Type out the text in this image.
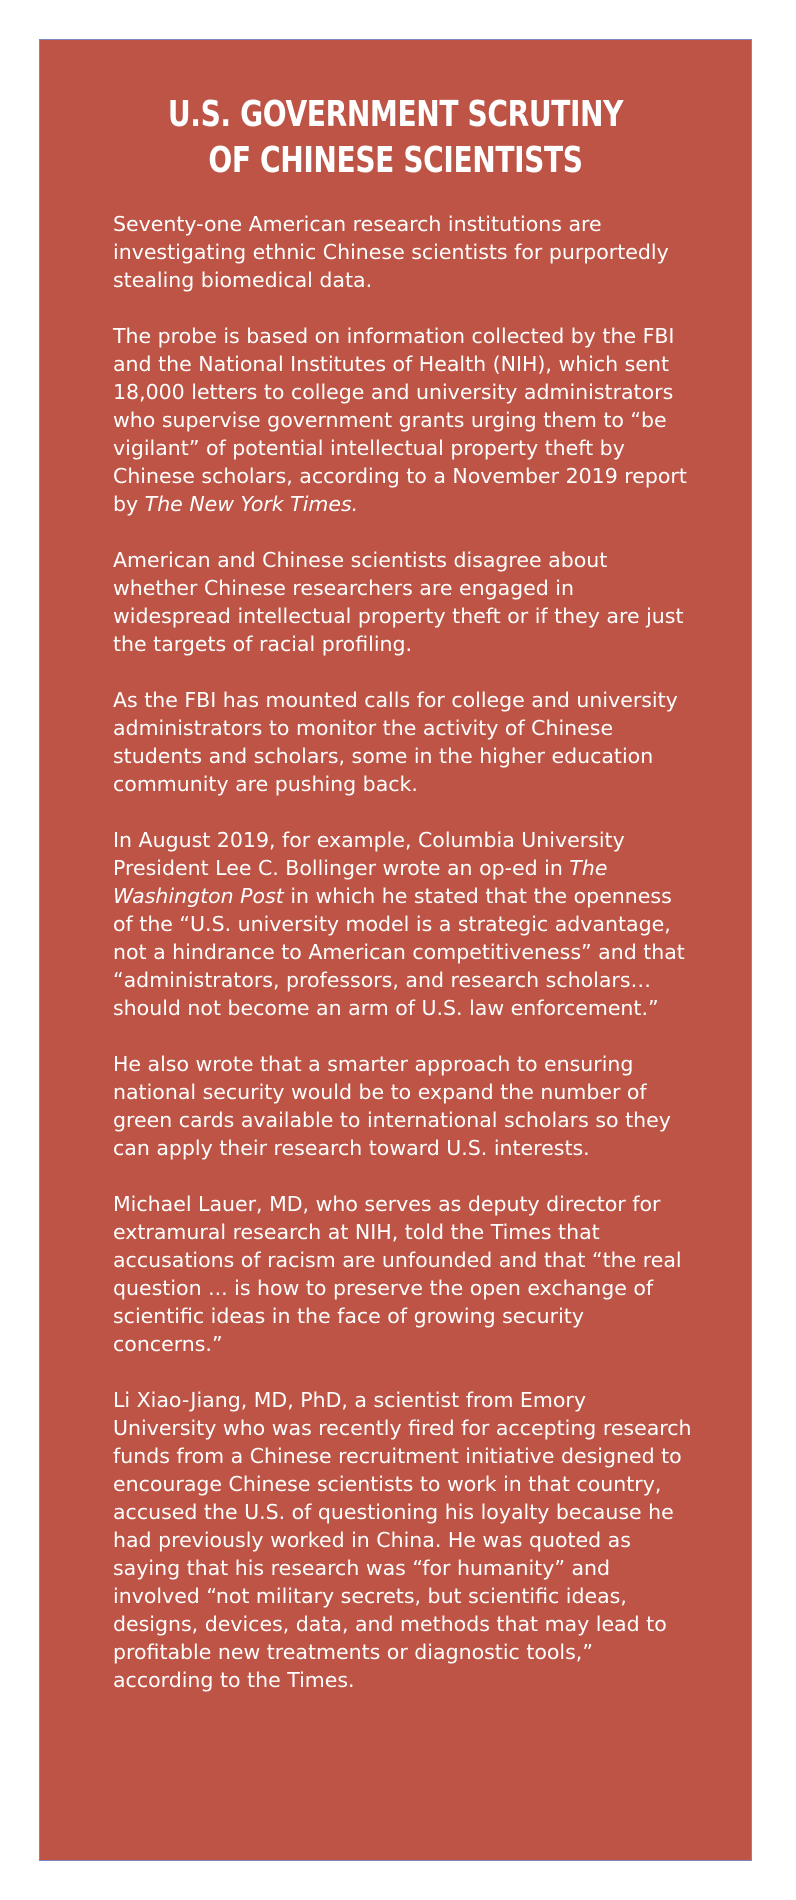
U.S. GOVERNMENT SCRUTINY
OF CHINESE SCIENTISTS

Seventy-one American research institutions are investigating ethnic Chinese scientists for purportedly stealing biomedical data.

The probe is based on information collected by the FBI and the National Institutes of Health (NIH), which sent 18,000 letters to college and university administrators who supervise government grants urging them to “be vigilant” of potential intellectual property theft by Chinese scholars, according to a November 2019 report by The New York Times.

American and Chinese scientists disagree about whether Chinese researchers are engaged in widespread intellectual property theft or if they are just the targets of racial profiling.

As the FBI has mounted calls for college and university administrators to monitor the activity of Chinese students and scholars, some in the higher education community are pushing back.

In August 2019, for example, Columbia University President Lee C. Bollinger wrote an op-ed in The Washington Post in which he stated that the openness of the “U.S. university model is a strategic advantage, not a hindrance to American competitiveness” and that “administrators, professors, and research scholars… should not become an arm of U.S. law enforcement.”

He also wrote that a smarter approach to ensuring national security would be to expand the number of green cards available to international scholars so they can apply their research toward U.S. interests.

Michael Lauer, MD, who serves as deputy director for extramural research at NIH, told the Times that accusations of racism are unfounded and that “the real question ... is how to preserve the open exchange of scientific ideas in the face of growing security concerns.”

Li Xiao-Jiang, MD, PhD, a scientist from Emory University who was recently fired for accepting research funds from a Chinese recruitment initiative designed to encourage Chinese scientists to work in that country, accused the U.S. of questioning his loyalty because he had previously worked in China. He was quoted as saying that his research was “for humanity” and involved “not military secrets, but scientific ideas, designs, devices, data, and methods that may lead to profitable new treatments or diagnostic tools,” according to the Times.
